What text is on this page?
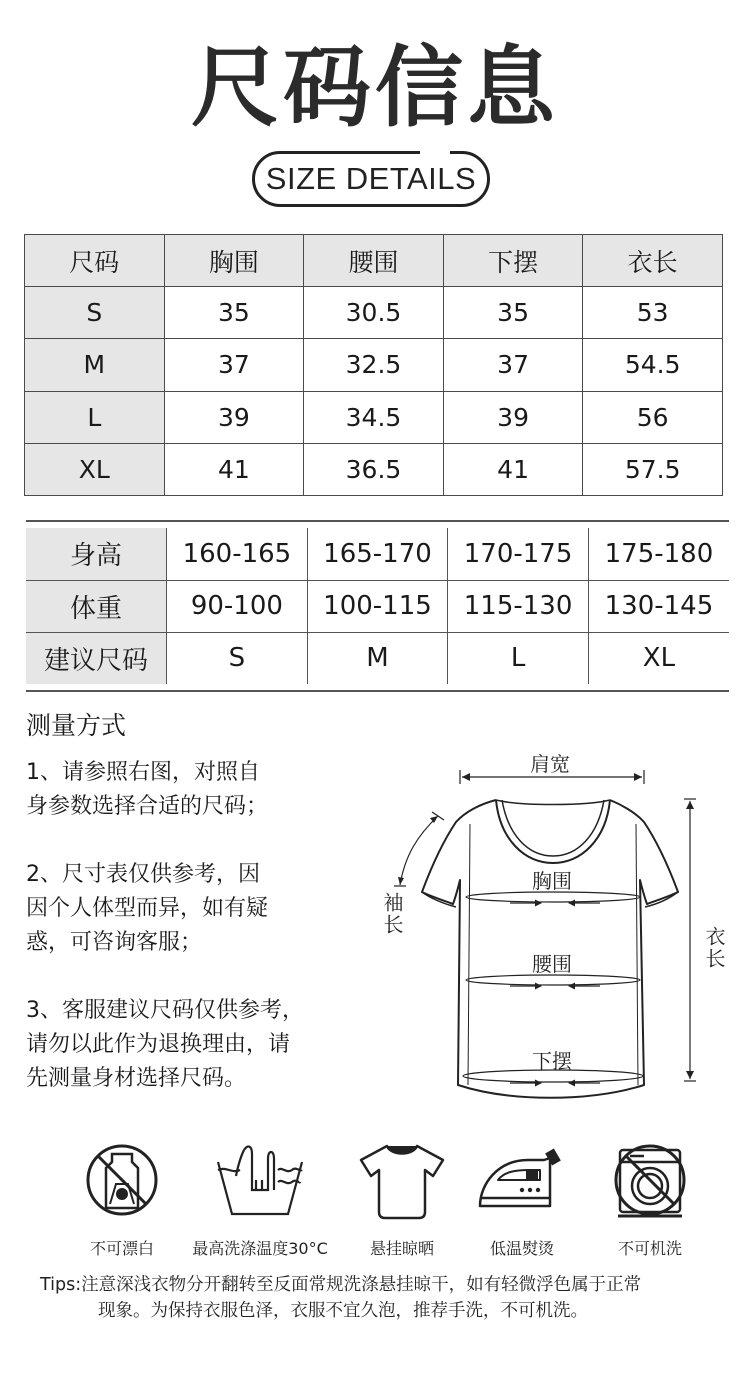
尺码信息
SIZE DETAILS
尺码	胸围	腰围	下摆	衣长
S	35	30.5	35	53
M	37	32.5	37	54.5
L	39	34.5	39	56
XL	41	36.5	41	57.5
身高	160-165	165-170	170-175	175-180
体重	90-100	100-115	115-130	130-145
建议尺码	S	M	L	XL
测量方式
1、请参照右图，对照自
身参数选择合适的尺码；
2、尺寸表仅供参考，因
因个人体型而异，如有疑
惑，可咨询客服；
3、客服建议尺码仅供参考，
请勿以此作为退换理由，请
先测量身材选择尺码。
肩宽
袖长
胸围
腰围
下摆
衣长
不可漂白	最高洗涤温度30°C	悬挂晾晒	低温熨烫	不可机洗
Tips:注意深浅衣物分开翻转至反面常规洗涤悬挂晾干，如有轻微浮色属于正常
现象。为保持衣服色泽，衣服不宜久泡，推荐手洗，不可机洗。
